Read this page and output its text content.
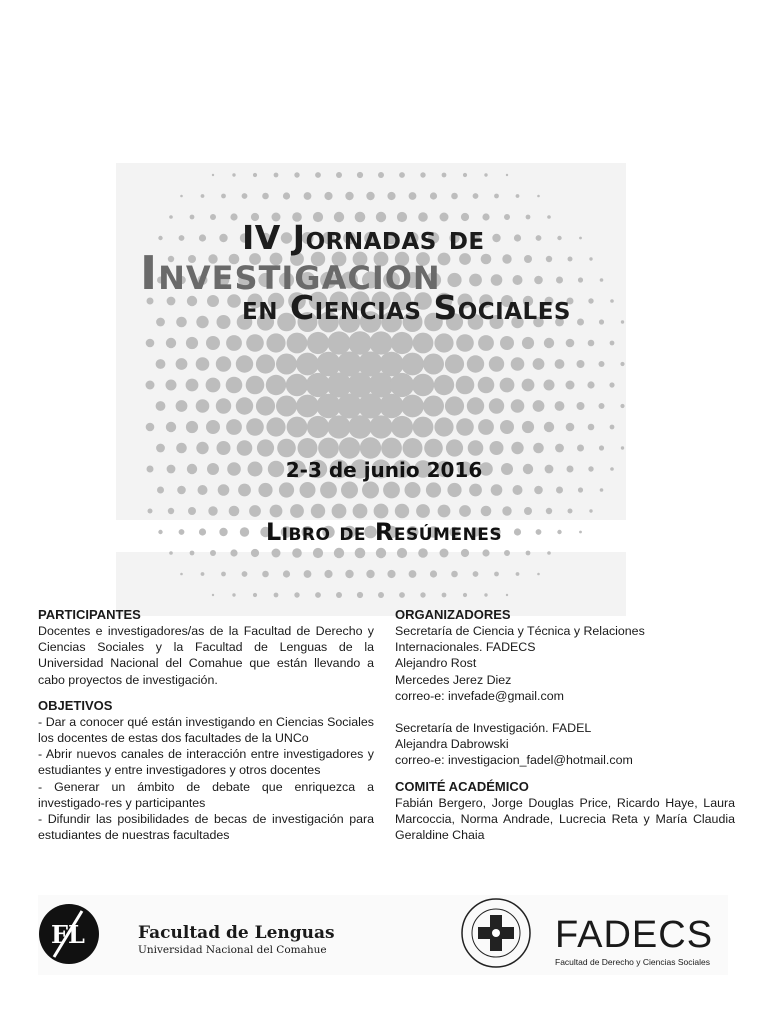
IV Jornadas de
Investigacion
en Ciencias Sociales
2-3 de junio 2016
Libro de Resúmenes

PARTICIPANTES

Docentes e investigadores/as de la Facultad de Derecho y Ciencias Sociales y la Facultad de Lenguas de la Universidad Nacional del Comahue que están llevando a cabo proyectos de investigación.

OBJETIVOS

- Dar a conocer qué están investigando en Ciencias Sociales los docentes de estas dos facultades de la UNCo

- Abrir nuevos canales de interacción entre investigadores y estudiantes y entre investigadores y otros docentes

- Generar un ámbito de debate que enriquezca a investigado-res y participantes

- Difundir las posibilidades de becas de investigación para estudiantes de nuestras facultades

ORGANIZADORES

Secretaría de Ciencia y Técnica y Relaciones

Internacionales. FADECS

Alejandro Rost

Mercedes Jerez Diez

correo-e: invefade@gmail.com

Secretaría de Investigación. FADEL

Alejandra Dabrowski

correo-e: investigacion_fadel@hotmail.com

COMITÉ ACADÉMICO

Fabián Bergero, Jorge Douglas Price, Ricardo Haye, Laura Marcoccia, Norma Andrade, Lucrecia Reta y María Claudia Geraldine Chaia

FL	Facultad de Lenguas
Universidad Nacional del Comahue	FADECS
Facultad de Derecho y Ciencias Sociales
